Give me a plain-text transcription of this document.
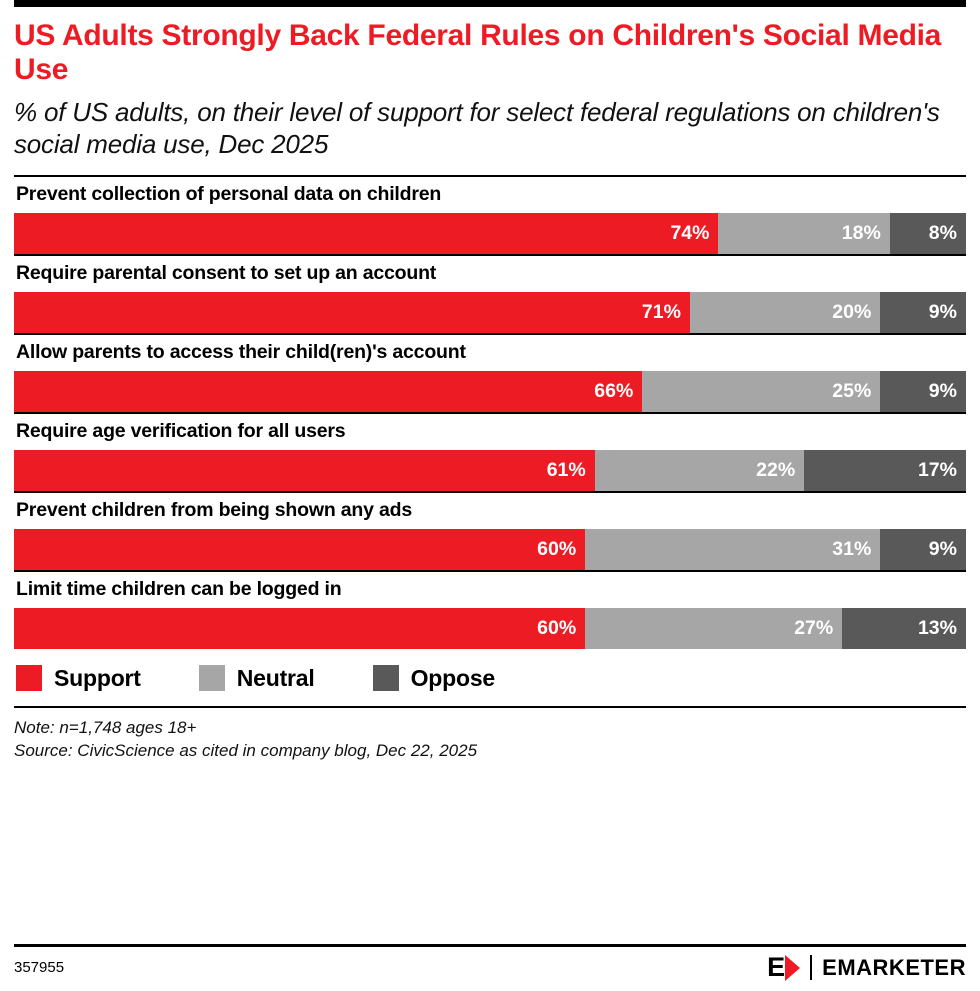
US Adults Strongly Back Federal Rules on Children's Social Media Use
% of US adults, on their level of support for select federal regulations on children's social media use, Dec 2025
Prevent collection of personal data on children
74%	18%	8%
Require parental consent to set up an account
71%	20%	9%
Allow parents to access their child(ren)'s account
66%	25%	9%
Require age verification for all users
61%	22%	17%
Prevent children from being shown any ads
60%	31%	9%
Limit time children can be logged in
60%	27%	13%
Support	Neutral	Oppose
Note: n=1,748 ages 18+
Source: CivicScience as cited in company blog, Dec 22, 2025
357955	E EMARKETER
